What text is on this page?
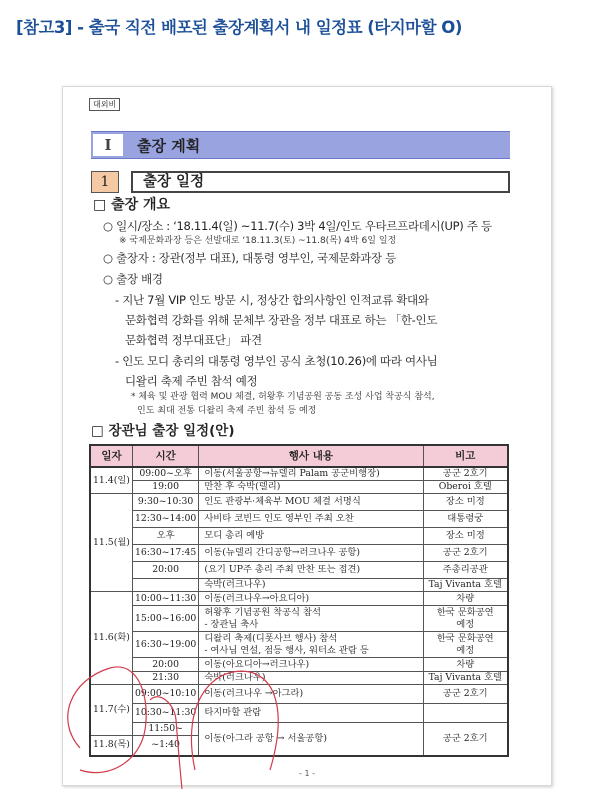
[참고3] - 출국 직전 배포된 출장계획서 내 일정표 (타지마할 O)
대외비
Ⅰ	출장 계획
1	출장 일정
□ 출장 개요
○ 일시/장소 : ‘18.11.4(일) ~11.7(수) 3박 4일/인도 우타르프라데시(UP) 주 등
※ 국제문화과장 등은 선발대로 ‘18.11.3(토) ~11.8(목) 4박 6일 일정
○ 출장자 : 장관(정부 대표), 대통령 영부인, 국제문화과장 등
○ 출장 배경
- 지난 7월 VIP 인도 방문 시, 정상간 합의사항인 인적교류 확대와
문화협력 강화를 위해 문체부 장관을 정부 대표로 하는 「한-인도
문화협력 정부대표단」 파견
- 인도 모디 총리의 대통령 영부인 공식 초청(10.26)에 따라 여사님
디왈리 축제 주빈 참석 예정
* 체육 및 관광 협력 MOU 체결, 허왕후 기념공원 공동 조성 사업 착공식 참석,
인도 최대 전통 디왈리 축제 주빈 참석 등 예정
□ 장관님 출장 일정(안)
일자	시간	행사 내용	비고
11.4(일)	09:00~오후	이동(서울공항→뉴델리 Palam 공군비행장)	공군 2호기
	19:00	만찬 후 숙박(델리)	Oberoi 호텔
11.5(월)	9:30~10:30	인도 관광부·체육부 MOU 체결 서명식	장소 미정
	12:30~14:00	사비타 코빈드 인도 영부인 주최 오찬	대통령궁
	오후	모디 총리 예방	장소 미정
	16:30~17:45	이동(뉴델리 간디공항→러크나우 공항)	공군 2호기
	20:00	(요기 UP주 총리 주최 만찬 또는 접견)	주총리공관
		숙박(러크나우)	Taj Vivanta 호텔
11.6(화)	10:00~11:30	이동(러크나우→아요디아)	차량
	15:00~16:00	허왕후 기념공원 착공식 참석
- 장관님 축사	한국 문화공연
예정
	16:30~19:00	디왈리 축제(디폿사브 행사) 참석
- 여사님 연설, 점등 행사, 워터쇼 관람 등	한국 문화공연
예정
	20:00	이동(아요디아→러크나우)	차량
	21:30	숙박(러크나우)	Taj Vivanta 호텔
11.7(수)	09:00~10:10	이동(러크나우 →아그라)	공군 2호기
	10:30~11:30	타지마할 관람	
	11:50~	이동(아그라 공항 → 서울공항)	공군 2호기
11.8(목)	~1:40		
- 1 -
